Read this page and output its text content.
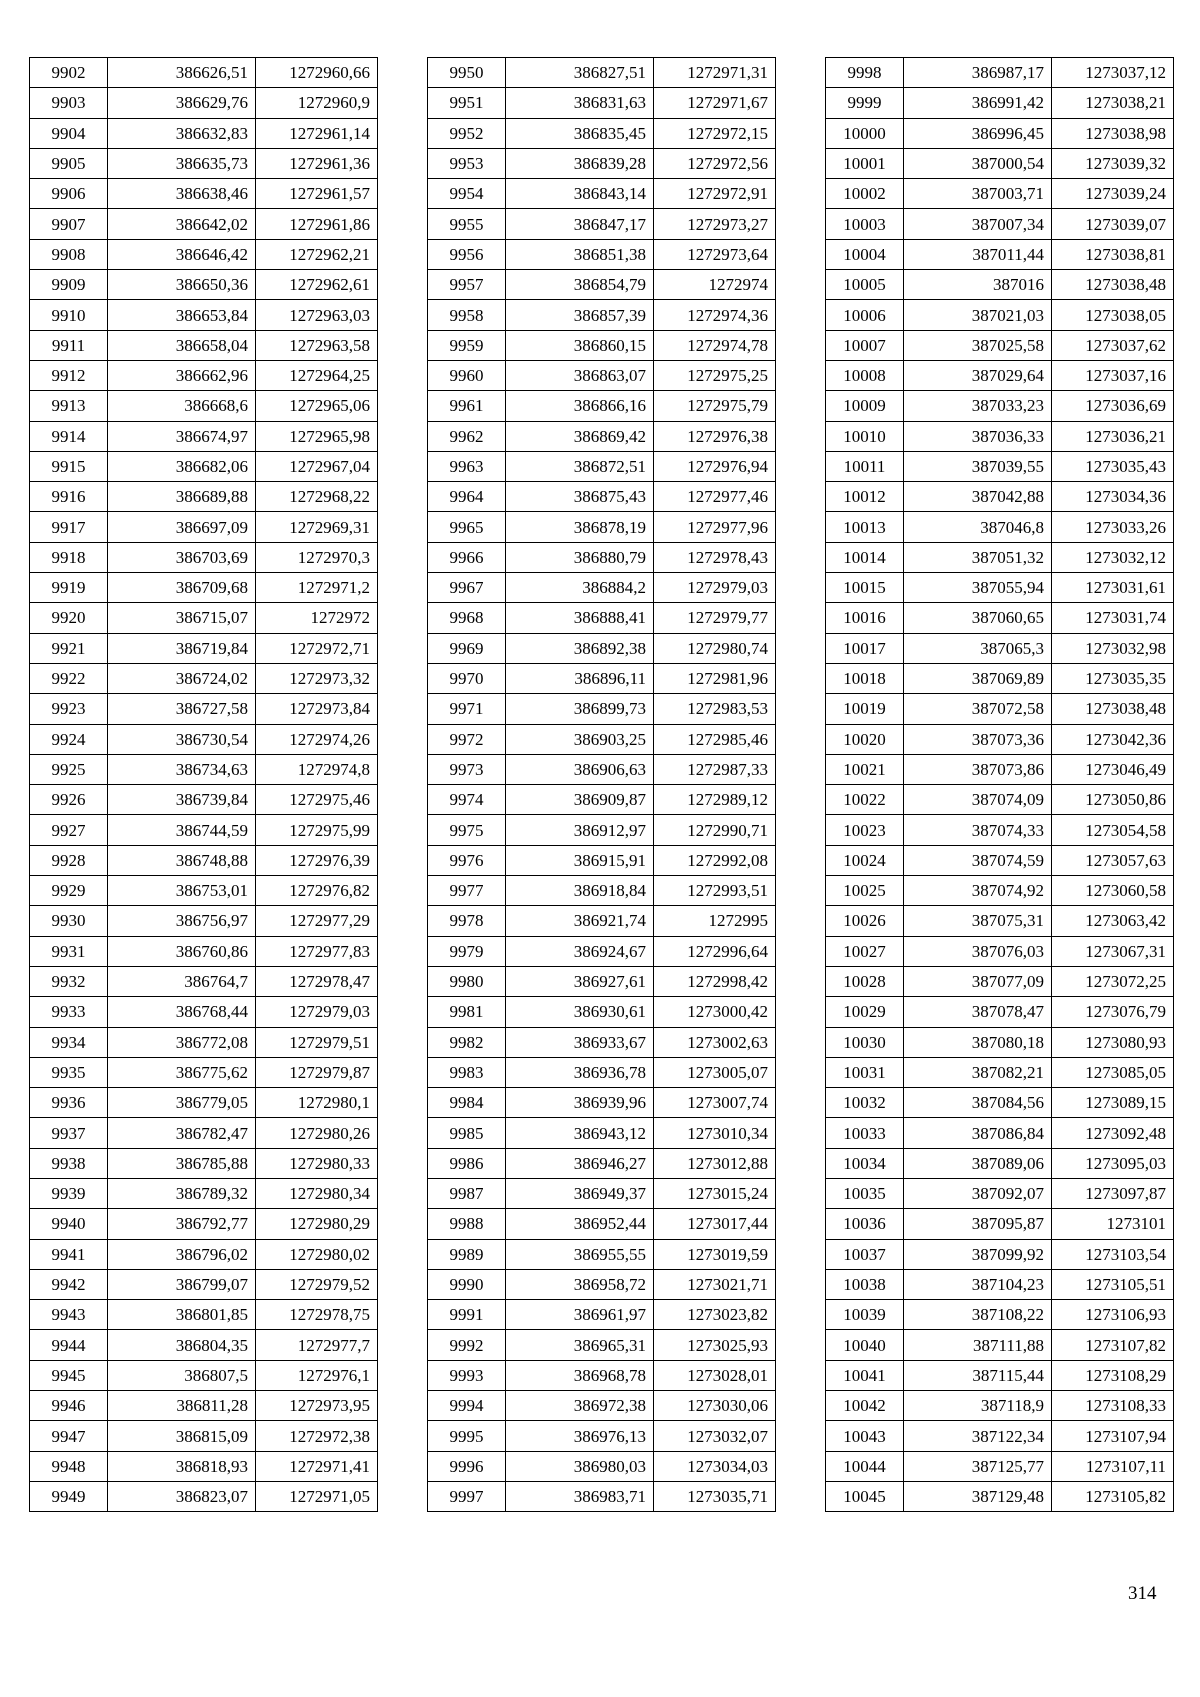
9902	386626,51	1272960,66
9903	386629,76	1272960,9
9904	386632,83	1272961,14
9905	386635,73	1272961,36
9906	386638,46	1272961,57
9907	386642,02	1272961,86
9908	386646,42	1272962,21
9909	386650,36	1272962,61
9910	386653,84	1272963,03
9911	386658,04	1272963,58
9912	386662,96	1272964,25
9913	386668,6	1272965,06
9914	386674,97	1272965,98
9915	386682,06	1272967,04
9916	386689,88	1272968,22
9917	386697,09	1272969,31
9918	386703,69	1272970,3
9919	386709,68	1272971,2
9920	386715,07	1272972
9921	386719,84	1272972,71
9922	386724,02	1272973,32
9923	386727,58	1272973,84
9924	386730,54	1272974,26
9925	386734,63	1272974,8
9926	386739,84	1272975,46
9927	386744,59	1272975,99
9928	386748,88	1272976,39
9929	386753,01	1272976,82
9930	386756,97	1272977,29
9931	386760,86	1272977,83
9932	386764,7	1272978,47
9933	386768,44	1272979,03
9934	386772,08	1272979,51
9935	386775,62	1272979,87
9936	386779,05	1272980,1
9937	386782,47	1272980,26
9938	386785,88	1272980,33
9939	386789,32	1272980,34
9940	386792,77	1272980,29
9941	386796,02	1272980,02
9942	386799,07	1272979,52
9943	386801,85	1272978,75
9944	386804,35	1272977,7
9945	386807,5	1272976,1
9946	386811,28	1272973,95
9947	386815,09	1272972,38
9948	386818,93	1272971,41
9949	386823,07	1272971,05
9950	386827,51	1272971,31
9951	386831,63	1272971,67
9952	386835,45	1272972,15
9953	386839,28	1272972,56
9954	386843,14	1272972,91
9955	386847,17	1272973,27
9956	386851,38	1272973,64
9957	386854,79	1272974
9958	386857,39	1272974,36
9959	386860,15	1272974,78
9960	386863,07	1272975,25
9961	386866,16	1272975,79
9962	386869,42	1272976,38
9963	386872,51	1272976,94
9964	386875,43	1272977,46
9965	386878,19	1272977,96
9966	386880,79	1272978,43
9967	386884,2	1272979,03
9968	386888,41	1272979,77
9969	386892,38	1272980,74
9970	386896,11	1272981,96
9971	386899,73	1272983,53
9972	386903,25	1272985,46
9973	386906,63	1272987,33
9974	386909,87	1272989,12
9975	386912,97	1272990,71
9976	386915,91	1272992,08
9977	386918,84	1272993,51
9978	386921,74	1272995
9979	386924,67	1272996,64
9980	386927,61	1272998,42
9981	386930,61	1273000,42
9982	386933,67	1273002,63
9983	386936,78	1273005,07
9984	386939,96	1273007,74
9985	386943,12	1273010,34
9986	386946,27	1273012,88
9987	386949,37	1273015,24
9988	386952,44	1273017,44
9989	386955,55	1273019,59
9990	386958,72	1273021,71
9991	386961,97	1273023,82
9992	386965,31	1273025,93
9993	386968,78	1273028,01
9994	386972,38	1273030,06
9995	386976,13	1273032,07
9996	386980,03	1273034,03
9997	386983,71	1273035,71
9998	386987,17	1273037,12
9999	386991,42	1273038,21
10000	386996,45	1273038,98
10001	387000,54	1273039,32
10002	387003,71	1273039,24
10003	387007,34	1273039,07
10004	387011,44	1273038,81
10005	387016	1273038,48
10006	387021,03	1273038,05
10007	387025,58	1273037,62
10008	387029,64	1273037,16
10009	387033,23	1273036,69
10010	387036,33	1273036,21
10011	387039,55	1273035,43
10012	387042,88	1273034,36
10013	387046,8	1273033,26
10014	387051,32	1273032,12
10015	387055,94	1273031,61
10016	387060,65	1273031,74
10017	387065,3	1273032,98
10018	387069,89	1273035,35
10019	387072,58	1273038,48
10020	387073,36	1273042,36
10021	387073,86	1273046,49
10022	387074,09	1273050,86
10023	387074,33	1273054,58
10024	387074,59	1273057,63
10025	387074,92	1273060,58
10026	387075,31	1273063,42
10027	387076,03	1273067,31
10028	387077,09	1273072,25
10029	387078,47	1273076,79
10030	387080,18	1273080,93
10031	387082,21	1273085,05
10032	387084,56	1273089,15
10033	387086,84	1273092,48
10034	387089,06	1273095,03
10035	387092,07	1273097,87
10036	387095,87	1273101
10037	387099,92	1273103,54
10038	387104,23	1273105,51
10039	387108,22	1273106,93
10040	387111,88	1273107,82
10041	387115,44	1273108,29
10042	387118,9	1273108,33
10043	387122,34	1273107,94
10044	387125,77	1273107,11
10045	387129,48	1273105,82
314
